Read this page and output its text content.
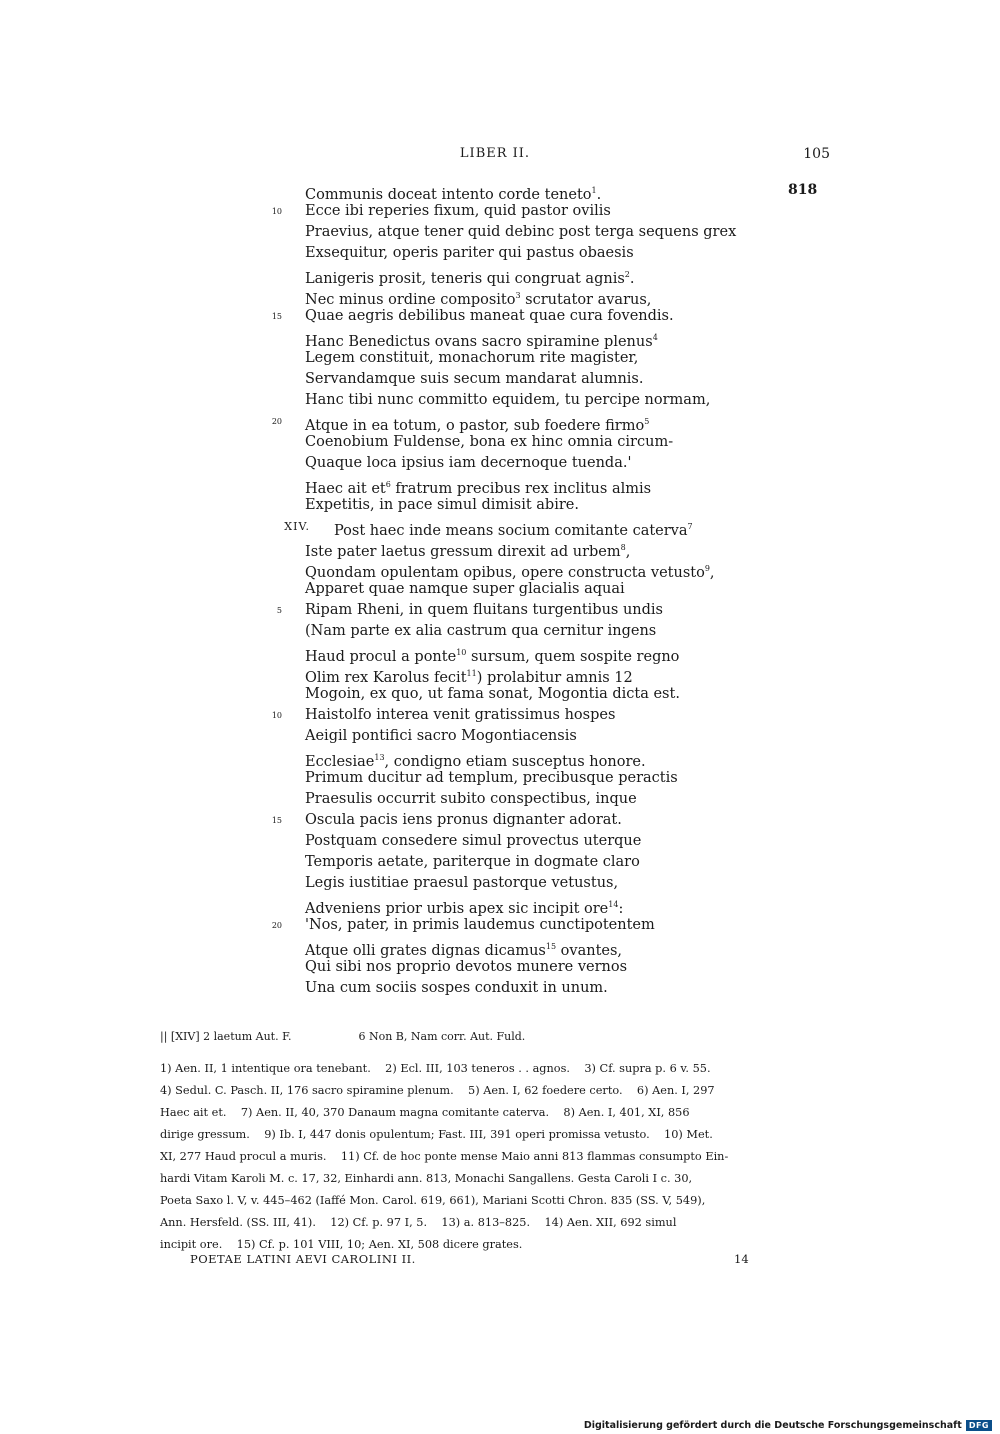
LIBER II.	105
Communis doceat intento corde teneto$^1$.	818
10 Ecce ibi reperies fixum, quid pastor ovilis
Praevius, atque tener quid debinc post terga sequens grex
Exsequitur, operis pariter qui pastus obaesis
Lanigeris prosit, teneris qui congruat agnis$^2$.
Nec minus ordine composito$^3$ scrutator avarus,
15 Quae aegris debilibus maneat quae cura fovendis.
Hanc Benedictus ovans sacro spiramine plenus$^4$
Legem constituit, monachorum rite magister,
Servandamque suis secum mandarat alumnis.
Hanc tibi nunc committo equidem, tu percipe normam,
20 Atque in ea totum, o pastor, sub foedere firmo$^5$
Coenobium Fuldense, bona ex hinc omnia circum-
Quaque loca ipsius iam decernoque tuenda.'
Haec ait $et^6$ fratrum precibus rex inclitus almis
Expetitis, in pace simul dimisit abire.
XIV. Post haec inde means socium comitante caterva$^7$
Iste pater laetus gressum direxit ad urbem$^8$,
Quondam opulentam opibus, opere constructa vetusto$^9$,
Apparet quae namque super glacialis aquai
5 Ripam Rheni, in quem fluitans turgentibus undis
(Nam parte ex alia castrum qua cernitur ingens
Haud procul a ponte$^{10}$ sursum, quem sospite regno
Olim rex Karolus fecit$^{11}$) prolabitur amnis 12
Mogoin, ex quo, ut fama sonat, Mogontia dicta est.
10 Haistolfo interea venit gratissimus hospes
Aeigil pontifici sacro Mogontiacensis
Ecclesiae$^{13}$, condigno etiam susceptus honore.
Primum ducitur ad templum, precibusque peractis
Praesulis occurrit subito conspectibus, inque
15 Oscula pacis iens pronus dignanter adorat.
Postquam consedere simul provectus uterque
Temporis aetate, pariterque in dogmate claro
Legis iustitiae praesul pastorque vetustus,
Adveniens prior urbis apex sic incipit ore$^{14}$:
20 'Nos, pater, in primis laudemus cunctipotentem
Atque olli grates dignas dicamus$^{15}$ ovantes,
Qui sibi nos proprio devotos munere vernos
Una cum sociis sospes conduxit in unum.
|| [XIV] 2 laetum Aut. F.	6 Non B, Nam corr. Aut. Fuld.

1) Aen. II, 1 intentique ora tenebant.    2) Ecl. III, 103 teneros . . agnos.    3) Cf. supra p. 6 v. 55.

4) Sedul. C. Pasch. II, 176 sacro spiramine plenum.    5) Aen. I, 62 foedere certo.    6) Aen. I, 297

Haec ait et.    7) Aen. II, 40, 370 Danaum magna comitante caterva.    8) Aen. I, 401, XI, 856

dirige gressum.    9) Ib. I, 447 donis opulentum; Fast. III, 391 operi promissa vetusto.    10) Met.

XI, 277 Haud procul a muris.    11) Cf. de hoc ponte mense Maio anni 813 flammas consumpto Ein-

hardi Vitam Karoli M. c. 17, 32, Einhardi ann. 813, Monachi Sangallens. Gesta Caroli I c. 30,

Poeta Saxo l. V, v. 445–462 (Iaffé Mon. Carol. 619, 661), Mariani Scotti Chron. 835 (SS. V, 549),

Ann. Hersfeld. (SS. III, 41).    12) Cf. p. 97 I, 5.    13) a. 813–825.    14) Aen. XII, 692 simul

incipit ore.    15) Cf. p. 101 VIII, 10; Aen. XI, 508 dicere grates.

POETAE LATINI AEVI CAROLINI II.	14
Digitalisierung gefördert durch die Deutsche Forschungsgemeinschaft DFG
